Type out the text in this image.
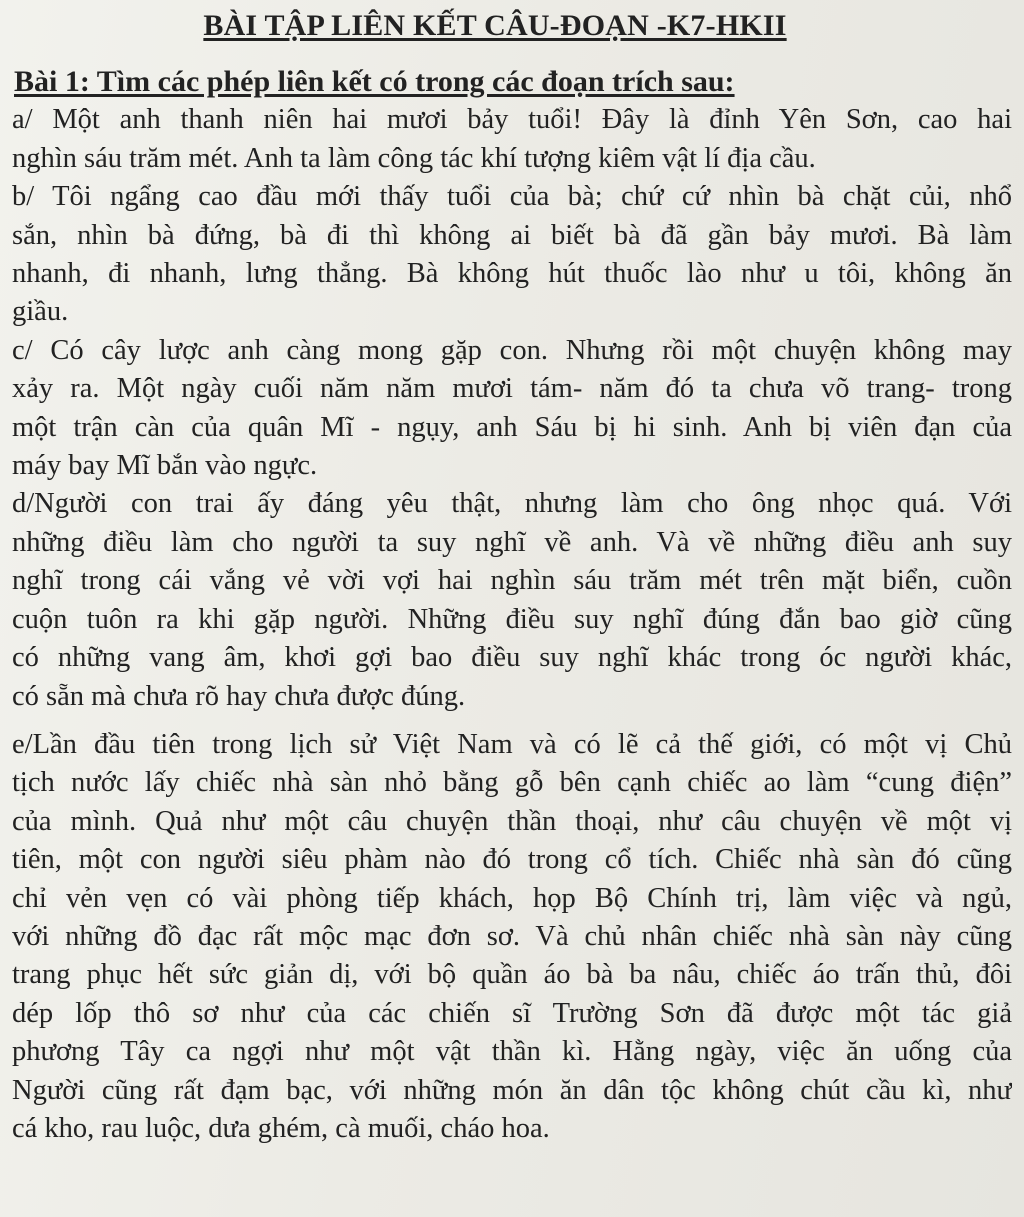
BÀI TẬP LIÊN KẾT CÂU-ĐOẠN -K7-HKII
Bài 1: Tìm các phép liên kết có trong các đoạn trích sau:
a/ Một anh thanh niên hai mươi bảy tuổi! Đây là đỉnh Yên Sơn, cao hai
nghìn sáu trăm mét. Anh ta làm công tác khí tượng kiêm vật lí địa cầu.
b/ Tôi ngẩng cao đầu mới thấy tuổi của bà; chứ cứ nhìn bà chặt củi, nhổ
sắn, nhìn bà đứng, bà đi thì không ai biết bà đã gần bảy mươi. Bà làm
nhanh, đi nhanh, lưng thẳng. Bà không hút thuốc lào như u tôi, không ăn
giầu.
c/ Có cây lược anh càng mong gặp con. Nhưng rồi một chuyện không may
xảy ra. Một ngày cuối năm năm mươi tám- năm đó ta chưa võ trang- trong
một trận càn của quân Mĩ - ngụy, anh Sáu bị hi sinh. Anh bị viên đạn của
máy bay Mĩ bắn vào ngực.
d/Người con trai ấy đáng yêu thật, nhưng làm cho ông nhọc quá. Với
những điều làm cho người ta suy nghĩ về anh. Và về những điều anh suy
nghĩ trong cái vắng vẻ vời vợi hai nghìn sáu trăm mét trên mặt biển, cuồn
cuộn tuôn ra khi gặp người. Những điều suy nghĩ đúng đắn bao giờ cũng
có những vang âm, khơi gợi bao điều suy nghĩ khác trong óc người khác,
có sẵn mà chưa rõ hay chưa được đúng.
e/Lần đầu tiên trong lịch sử Việt Nam và có lẽ cả thế giới, có một vị Chủ
tịch nước lấy chiếc nhà sàn nhỏ bằng gỗ bên cạnh chiếc ao làm “cung điện”
của mình. Quả như một câu chuyện thần thoại, như câu chuyện về một vị
tiên, một con người siêu phàm nào đó trong cổ tích. Chiếc nhà sàn đó cũng
chỉ vẻn vẹn có vài phòng tiếp khách, họp Bộ Chính trị, làm việc và ngủ,
với những đồ đạc rất mộc mạc đơn sơ. Và chủ nhân chiếc nhà sàn này cũng
trang phục hết sức giản dị, với bộ quần áo bà ba nâu, chiếc áo trấn thủ, đôi
dép lốp thô sơ như của các chiến sĩ Trường Sơn đã được một tác giả
phương Tây ca ngợi như một vật thần kì. Hằng ngày, việc ăn uống của
Người cũng rất đạm bạc, với những món ăn dân tộc không chút cầu kì, như
cá kho, rau luộc, dưa ghém, cà muối, cháo hoa.
